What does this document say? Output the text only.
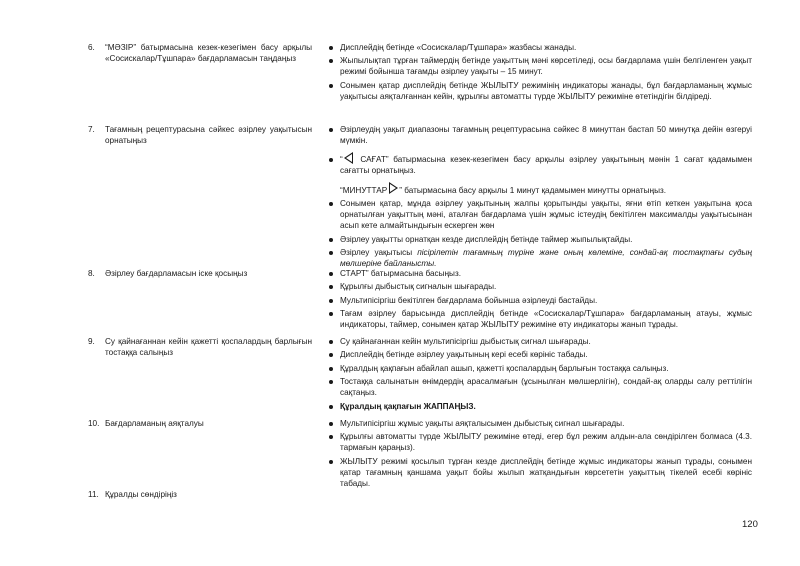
6. “МӘЗІР” батырмасына кезек-кезегімен басу арқылы «Сосискалар/Тұшпара» бағдарламасын таңдаңыз
Дисплейдің бетінде «Сосискалар/Тұшпара» жазбасы жанады.
Жыпылықтап тұрған таймердің бетінде уақыттың мәні көрсетіледі, осы бағдарлама үшін белгіленген уақыт режимі бойынша тағамды әзірлеу уақыты – 15 минут.
Сонымен қатар дисплейдің бетінде ЖЫЛЫТУ режимінің индикаторы жанады, бұл бағдарламаның жұмыс уақытысы аяқталғаннан кейін, құрылғы автоматты түрде ЖЫЛЫТУ режиміне өтетіндігін білдіреді.
7. Тағамның рецептурасына сәйкес әзірлеу уақытысын орнатыңыз
Әзірлеудің уақыт диапазоны тағамның рецептурасына сәйкес 8 минуттан бастап 50 минутқа дейін өзгеруі мүмкін.
“ САҒАТ” батырмасына кезек-кезегімен басу арқылы әзірлеу уақытының мәнін 1 сағат қадамымен сағатты орнатыңыз.
“МИНУТТАР ” батырмасына басу арқылы 1 минут қадамымен минутты орнатыңыз.
Сонымен қатар, мұнда әзірлеу уақытының жалпы қорытынды уақыты, яғни өтіп кеткен уақытына қоса орнатылған уақыттың мәні, аталған бағдарлама үшін жұмыс істеудің бекітілген максималды уақытысынан асып кете алмайтындығын ескерген жөн
Әзірлеу уақытты орнатқан кезде дисплейдің бетінде таймер жыпылықтайды.
Әзірлеу уақытысы пісірілетін тағамның түріне және оның көлеміне, сондай-ақ тостақтағы судың мөлшеріне байланысты.
8. Әзірлеу бағдарламасын іске қосыңыз	СТАРТ” батырмасына басыңыз.
Құрылғы дыбыстық сигналын шығарады.
Мультипісіргіш бекітілген бағдарлама бойынша әзірлеуді бастайды.
Тағам әзірлеу барысында дисплейдің бетінде «Сосискалар/Тұшпара» бағдарламаның атауы, жұмыс индикаторы, таймер, сонымен қатар ЖЫЛЫТУ режиміне өту индикаторы жанып тұрады.
9. Су қайнағаннан кейін қажетті қоспалардың барлығын тостаққа салыңыз
Су қайнағаннан кейін мультипісіргіш дыбыстық сигнал шығарады.
Дисплейдің бетінде әзірлеу уақытының кері есебі көрініс табады.
Құралдың қақпағын абайлап ашып, қажетті қоспалардың барлығын тостаққа салыңыз.
Тостаққа салынатын өнімдердің арасалмағын (ұсынылған мөлшерлігін), сондай-ақ оларды салу реттілігін сақтаңыз.
Құралдың қақпағын ЖАППАҢЫЗ.
10. Бағдарламаның аяқталуы	Мультипісіргіш жұмыс уақыты аяқталысымен дыбыстық сигнал шығарады.
Құрылғы автоматты түрде ЖЫЛЫТУ режиміне өтеді, егер бұл режим алдын-ала сөндірілген болмаса (4.3. тармағын қараңыз).
ЖЫЛЫТУ режимі қосылып тұрған кезде дисплейдің бетінде жұмыс индикаторы жанып тұрады, сонымен қатар тағамның қаншама уақыт бойы жылып жатқандығын көрсететін уақыттың тікелей есебі көрініс табады.
11. Құралды сөндіріңіз
120
